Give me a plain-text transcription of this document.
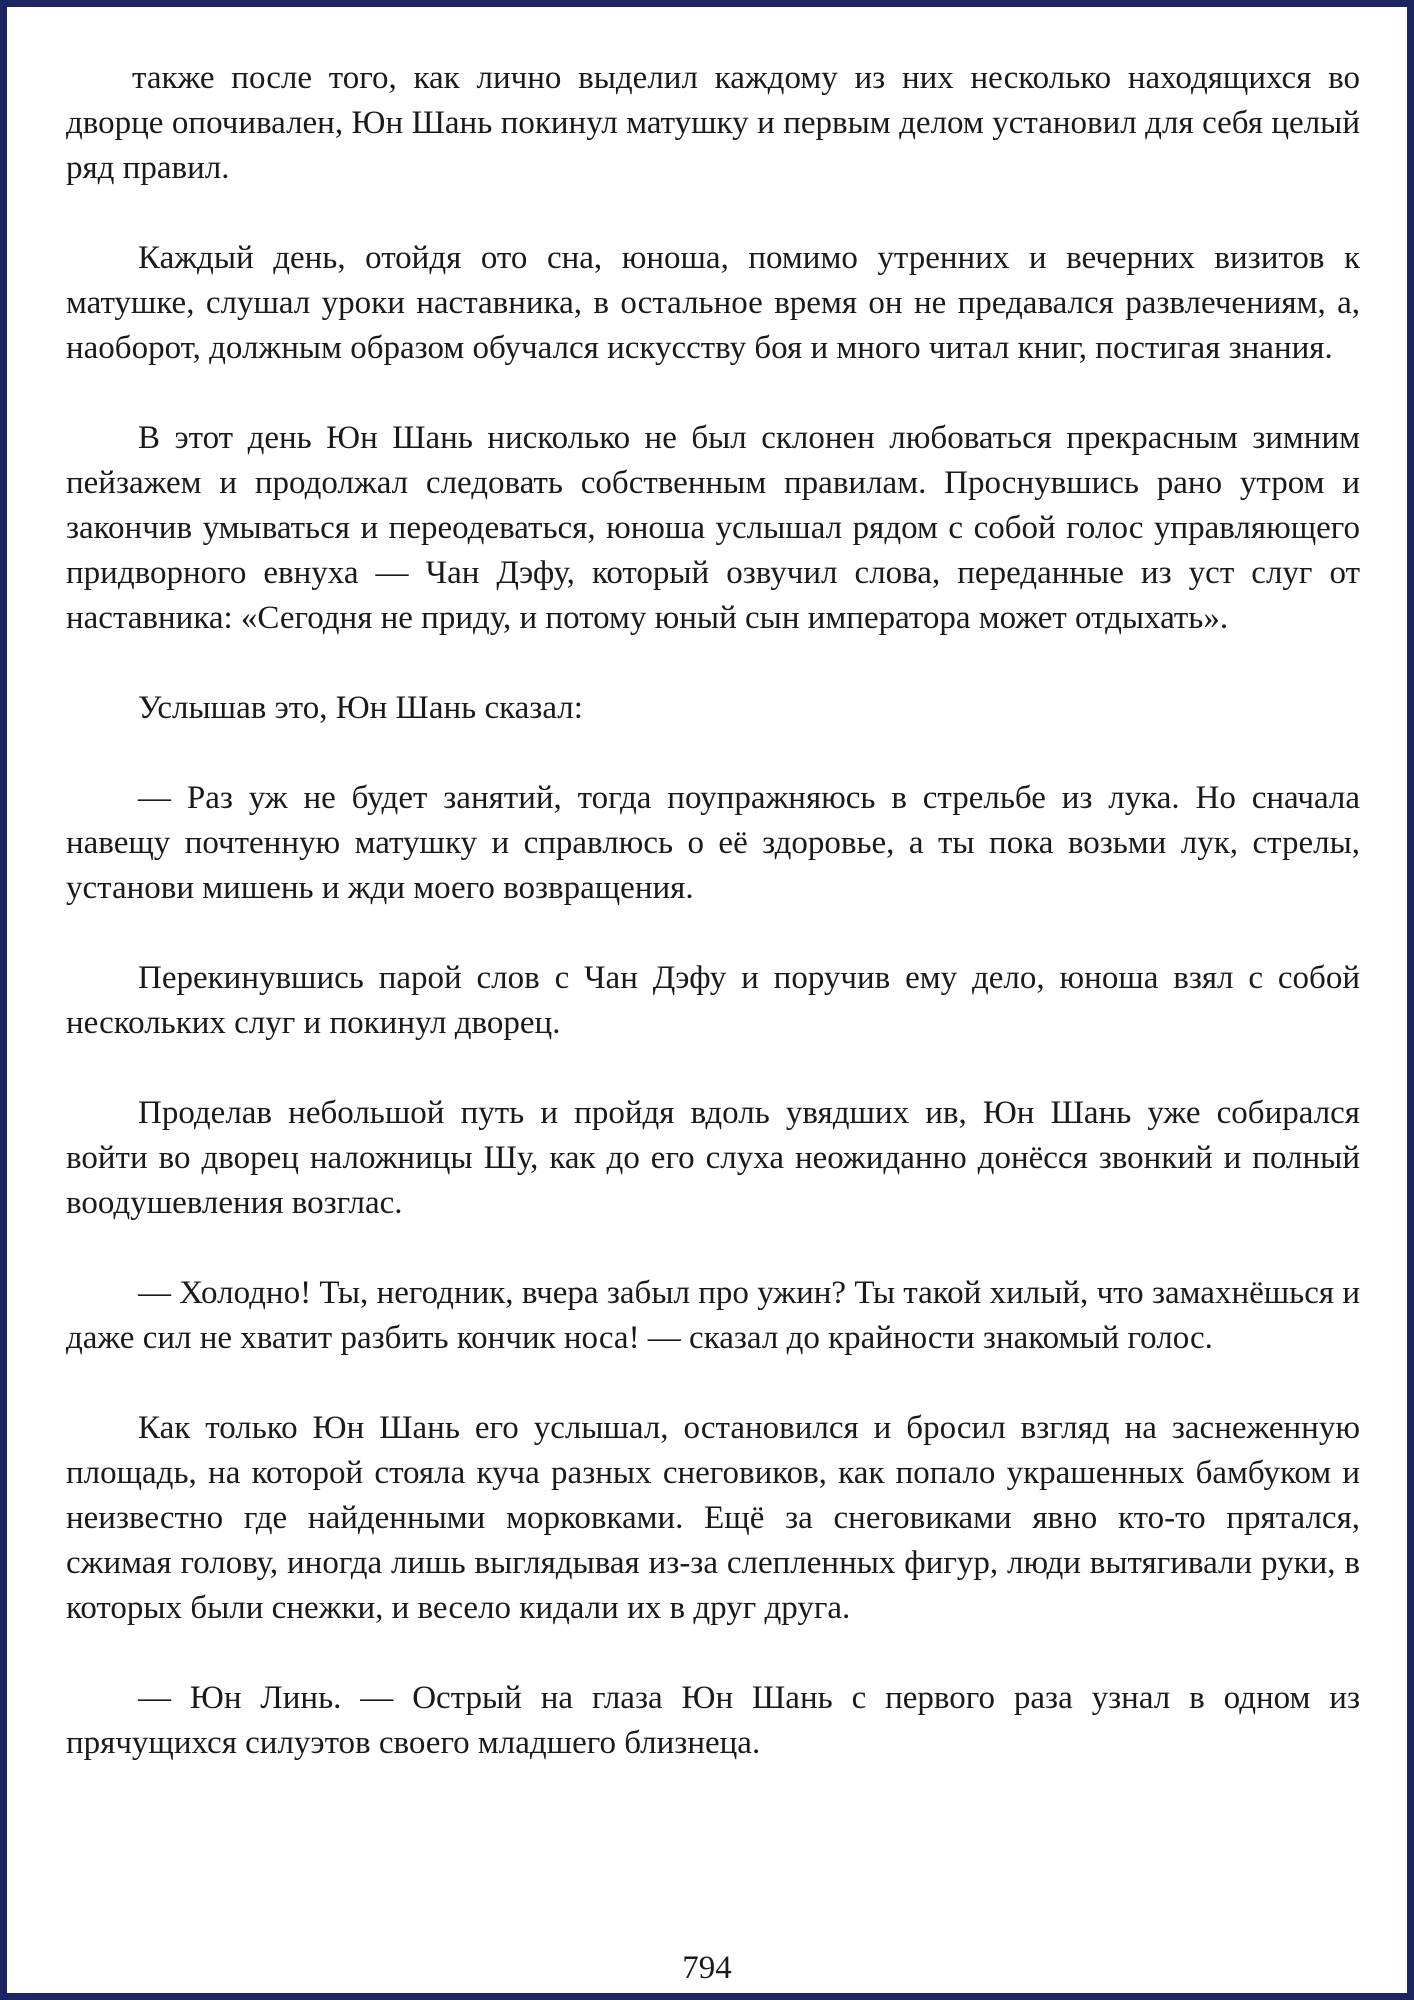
также после того, как лично выделил каждому из них несколько находящихся во дворце опочивален, Юн Шань покинул матушку и первым делом установил для себя целый ряд правил.

Каждый день, отойдя ото сна, юноша, помимо утренних и вечерних визитов к матушке, слушал уроки наставника, в остальное время он не предавался развлечениям, а, наоборот, должным образом обучался искусству боя и много читал книг, постигая знания.

В этот день Юн Шань нисколько не был склонен любоваться прекрасным зимним пейзажем и продолжал следовать собственным правилам. Проснувшись рано утром и закончив умываться и переодеваться, юноша услышал рядом с собой голос управляющего придворного евнуха — Чан Дэфу, который озвучил слова, переданные из уст слуг от наставника: «Сегодня не приду, и потому юный сын императора может отдыхать».

Услышав это, Юн Шань сказал:

— Раз уж не будет занятий, тогда поупражняюсь в стрельбе из лука. Но сначала навещу почтенную матушку и справлюсь о её здоровье, а ты пока возьми лук, стрелы, установи мишень и жди моего возвращения.

Перекинувшись парой слов с Чан Дэфу и поручив ему дело, юноша взял с собой нескольких слуг и покинул дворец.

Проделав небольшой путь и пройдя вдоль увядших ив, Юн Шань уже собирался войти во дворец наложницы Шу, как до его слуха неожиданно донёсся звонкий и полный воодушевления возглас.

— Холодно! Ты, негодник, вчера забыл про ужин? Ты такой хилый, что замахнёшься и даже сил не хватит разбить кончик носа! — сказал до крайности знакомый голос.

Как только Юн Шань его услышал, остановился и бросил взгляд на заснеженную площадь, на которой стояла куча разных снеговиков, как попало украшенных бамбуком и неизвестно где найденными морковками. Ещё за снеговиками явно кто-то прятался, сжимая голову, иногда лишь выглядывая из-за слепленных фигур, люди вытягивали руки, в которых были снежки, и весело кидали их в друг друга.

— Юн Линь. — Острый на глаза Юн Шань с первого раза узнал в одном из прячущихся силуэтов своего младшего близнеца.

794
